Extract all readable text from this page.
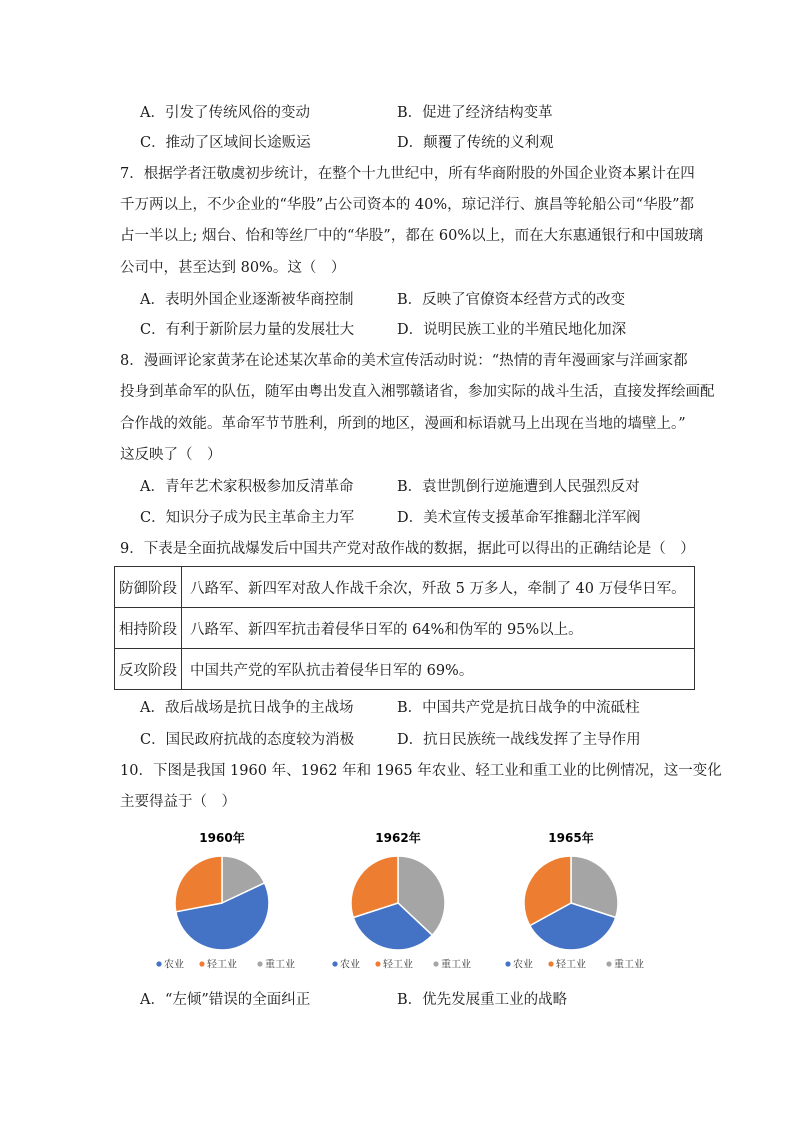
A．引发了传统风俗的变动	B．促进了经济结构变革
C．推动了区域间长途贩运	D．颠覆了传统的义利观
7．根据学者汪敬虞初步统计，在整个十九世纪中，所有华商附股的外国企业资本累计在四
千万两以上，不少企业的“华股”占公司资本的 40%，琼记洋行、旗昌等轮船公司“华股”都
占一半以上; 烟台、怡和等丝厂中的“华股”，都在 60%以上，而在大东惠通银行和中国玻璃
公司中，甚至达到 80%。这（　）
A．表明外国企业逐渐被华商控制	B．反映了官僚资本经营方式的改变
C．有利于新阶层力量的发展壮大	D．说明民族工业的半殖民地化加深
8．漫画评论家黄茅在论述某次革命的美术宣传活动时说：“热情的青年漫画家与洋画家都
投身到革命军的队伍，随军由粤出发直入湘鄂赣诸省，参加实际的战斗生活，直接发挥绘画配
合作战的效能。革命军节节胜利，所到的地区，漫画和标语就马上出现在当地的墙壁上。”
这反映了（　）
A．青年艺术家积极参加反清革命	B．袁世凯倒行逆施遭到人民强烈反对
C．知识分子成为民主革命主力军	D．美术宣传支援革命军推翻北洋军阀
9．下表是全面抗战爆发后中国共产党对敌作战的数据，据此可以得出的正确结论是（　）
防御阶段	八路军、新四军对敌人作战千余次，歼敌 5 万多人，牵制了 40 万侵华日军。
相持阶段	八路军、新四军抗击着侵华日军的 64%和伪军的 95%以上。
反攻阶段	中国共产党的军队抗击着侵华日军的 69%。
A．敌后战场是抗日战争的主战场	B．中国共产党是抗日战争的中流砥柱
C．国民政府抗战的态度较为消极	D．抗日民族统一战线发挥了主导作用
10．下图是我国 1960 年、1962 年和 1965 年农业、轻工业和重工业的比例情况，这一变化
主要得益于（　）
1960年
农业 轻工业	重工业
1962年
农业 轻工业	重工业
1965年
农业 轻工业	重工业
A．“左倾”错误的全面纠正	B．优先发展重工业的战略
